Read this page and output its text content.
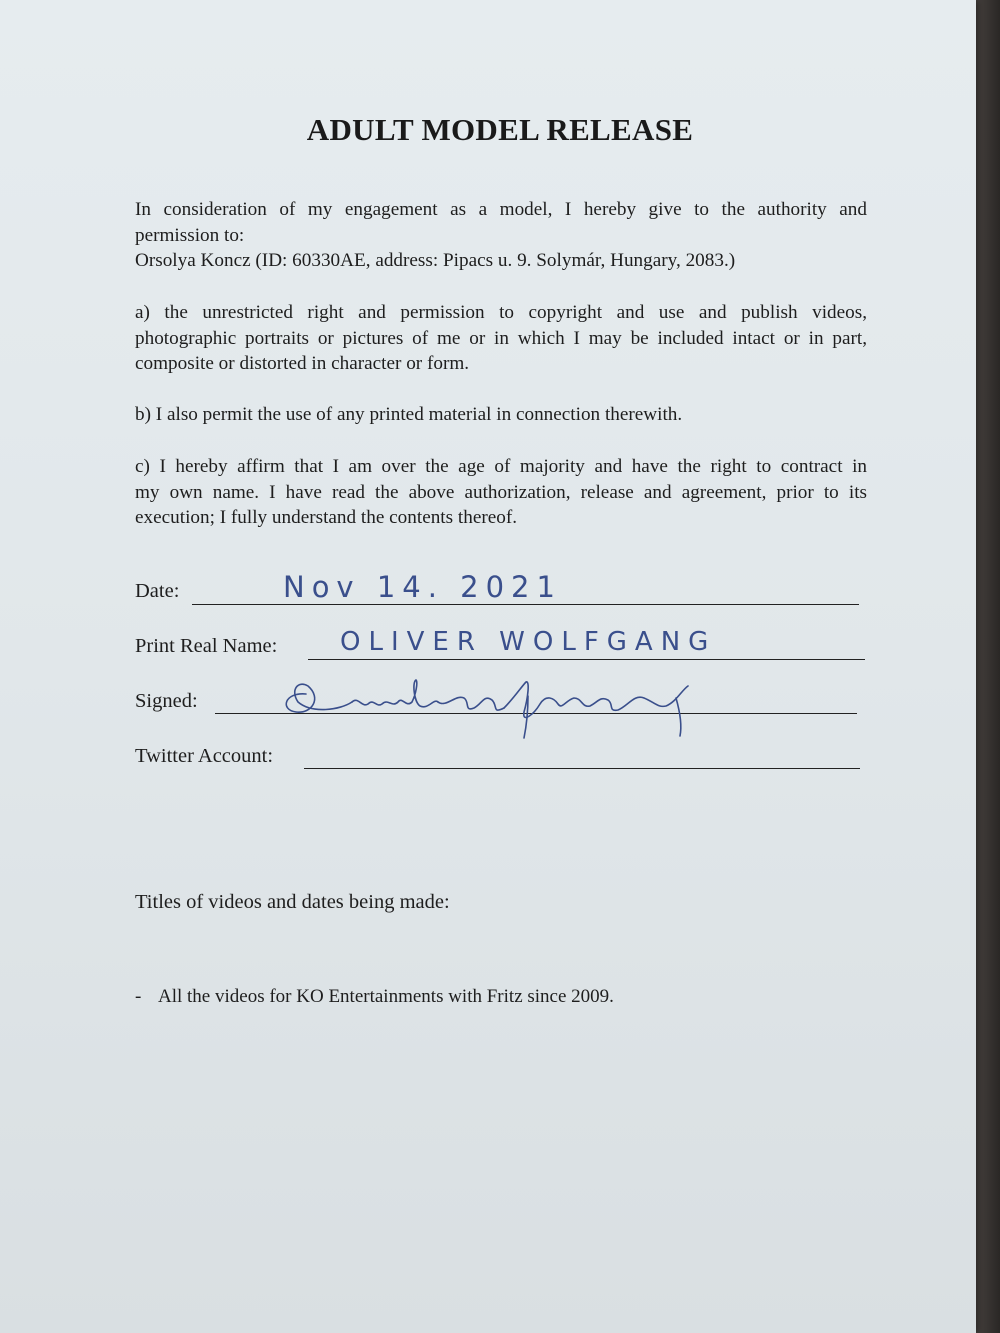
ADULT MODEL RELEASE
In consideration of my engagement as a model, I hereby give to the authority and
permission to:
Orsolya Koncz (ID: 60330AE, address: Pipacs u. 9. Solymár, Hungary, 2083.)
a) the unrestricted right and permission to copyright and use and publish videos,
photographic portraits or pictures of me or in which I may be included intact or in part,
composite or distorted in character or form.
b) I also permit the use of any printed material in connection therewith.
c) I hereby affirm that I am over the age of majority and have the right to contract in
my own name. I have read the above authorization, release and agreement, prior to its
execution; I fully understand the contents thereof.
Date:	Nov 14. 2021
Print Real Name: OLIVER WOLFGANG
Signed:
Twitter Account:
Titles of videos and dates being made:
- All the videos for KO Entertainments with Fritz since 2009.
